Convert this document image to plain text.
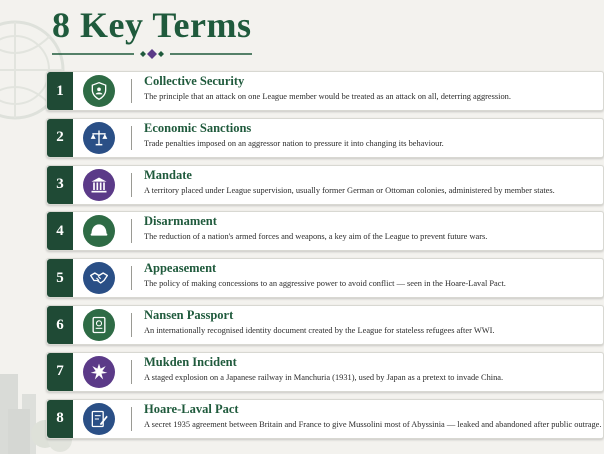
8 Key Terms
1

Collective Security

The principle that an attack on one League member would be treated as an attack on all, deterring aggression.

2

Economic Sanctions

Trade penalties imposed on an aggressor nation to pressure it into changing its behaviour.

3

Mandate

A territory placed under League supervision, usually former German or Ottoman colonies, administered by member states.

4

Disarmament

The reduction of a nation's armed forces and weapons, a key aim of the League to prevent future wars.

5

Appeasement

The policy of making concessions to an aggressive power to avoid conflict — seen in the Hoare-Laval Pact.

6

Nansen Passport

An internationally recognised identity document created by the League for stateless refugees after WWI.

7

Mukden Incident

A staged explosion on a Japanese railway in Manchuria (1931), used by Japan as a pretext to invade China.

8

Hoare-Laval Pact

A secret 1935 agreement between Britain and France to give Mussolini most of Abyssinia — leaked and abandoned after public outrage.
